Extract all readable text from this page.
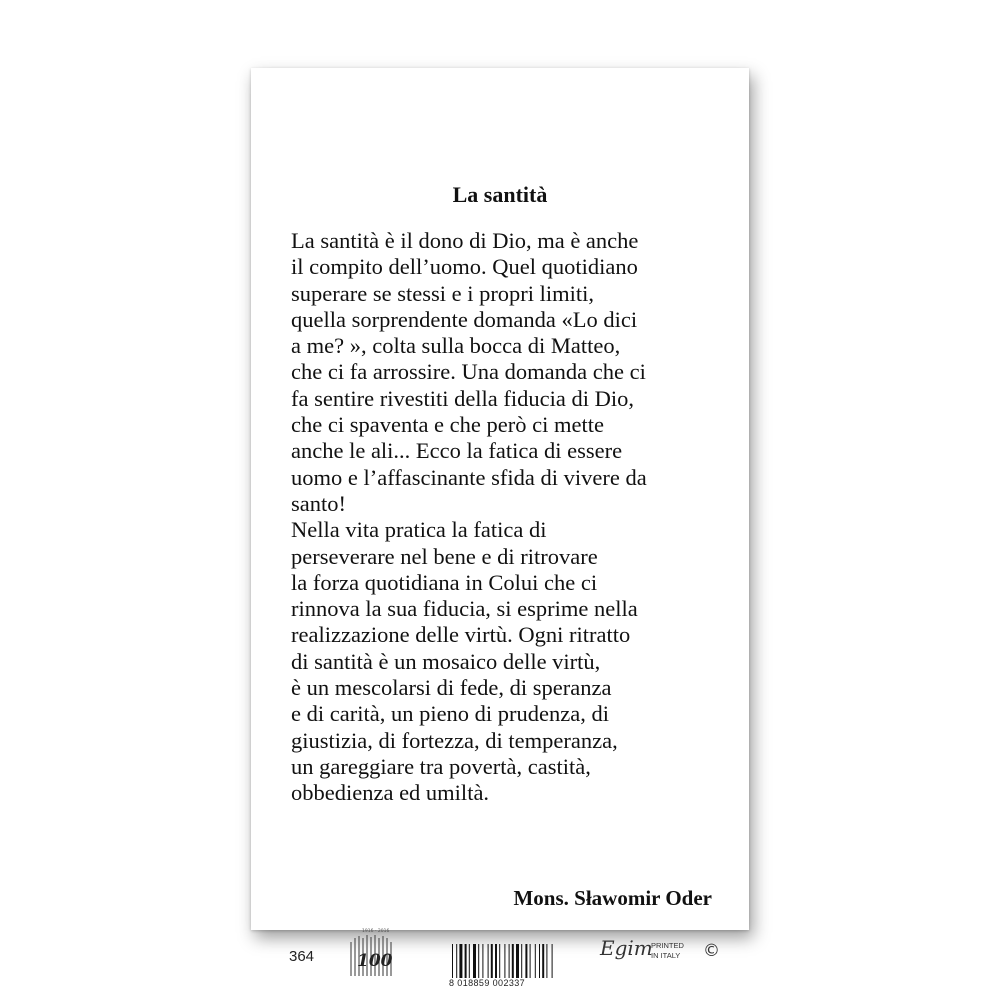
La santità
La santità è il dono di Dio, ma è anche
il compito dell’uomo. Quel quotidiano
superare se stessi e i propri limiti,
quella sorprendente domanda «Lo dici
a me? », colta sulla bocca di Matteo,
che ci fa arrossire. Una domanda che ci
fa sentire rivestiti della fiducia di Dio,
che ci spaventa e che però ci mette
anche le ali... Ecco la fatica di essere
uomo e l’affascinante sfida di vivere da
santo!
Nella vita pratica la fatica di
perseverare nel bene e di ritrovare
la forza quotidiana in Colui che ci
rinnova la sua fiducia, si esprime nella
realizzazione delle virtù. Ogni ritratto
di santità è un mosaico delle virtù,
è un mescolarsi di fede, di speranza
e di carità, un pieno di prudenza, di
giustizia, di fortezza, di temperanza,
un gareggiare tra povertà, castità,
obbedienza ed umiltà.
Mons. Sławomir Oder
364
1916 - 2016
100
8 018859 002337
Egim
PRINTED
IN ITALY ©
